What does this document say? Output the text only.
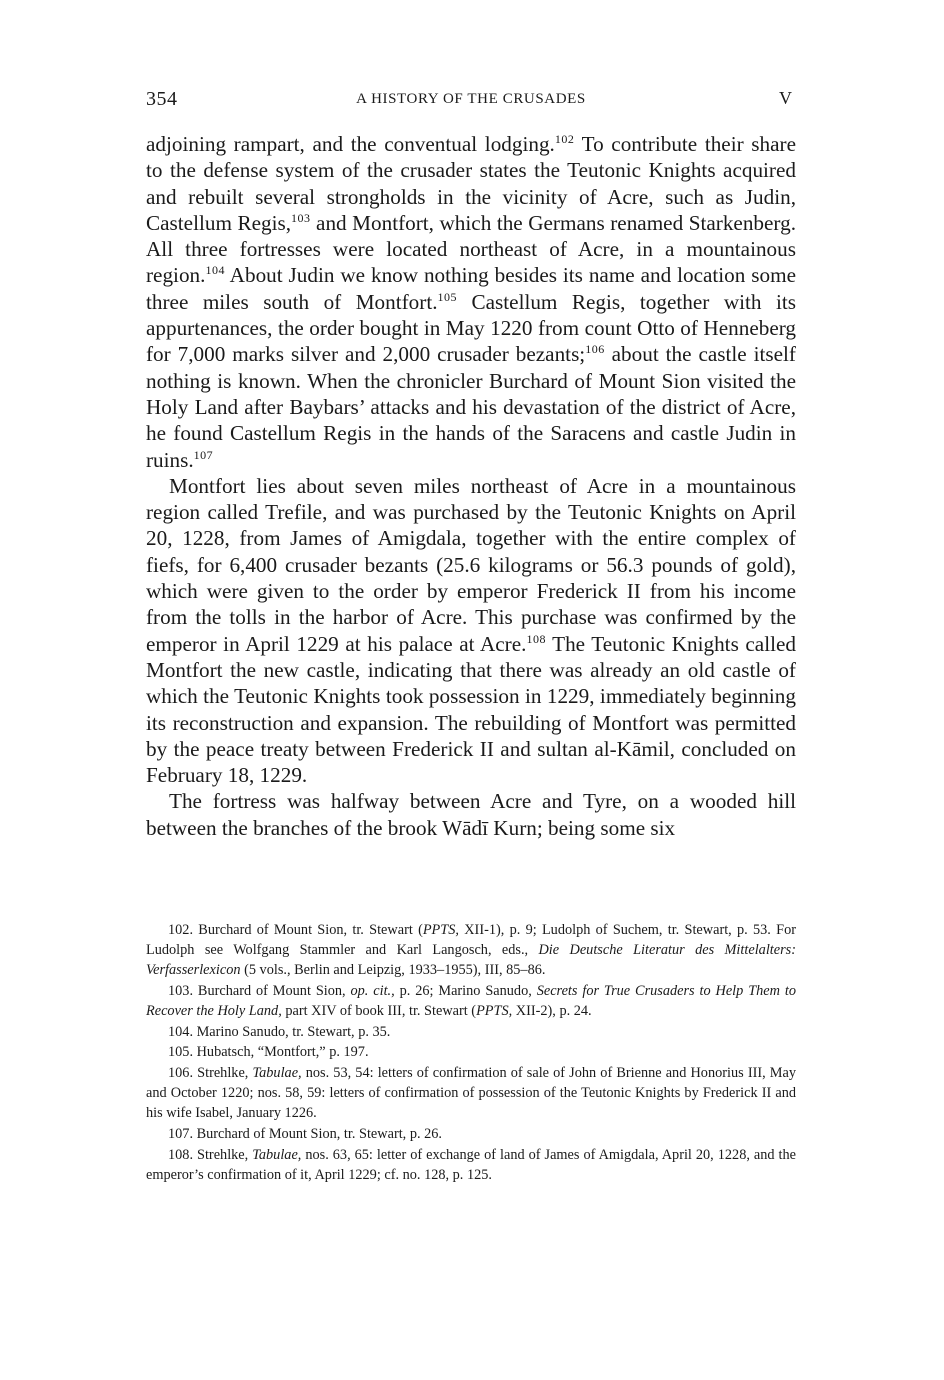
354	A HISTORY OF THE CRUSADES	V

adjoining rampart, and the conventual lodging.$^{102}$ To contribute their share to the defense system of the crusader states the Teutonic Knights acquired and rebuilt several strongholds in the vicinity of Acre, such as Judin, Castellum Regis,$^{103}$ and Montfort, which the Germans renamed Starkenberg. All three fortresses were located northeast of Acre, in a mountainous region.$^{104}$ About Judin we know nothing besides its name and location some three miles south of Montfort.$^{105}$ Castellum Regis, together with its appurtenances, the order bought in May 1220 from count Otto of Henneberg for 7,000 marks silver and 2,000 crusader bezants;$^{106}$ about the castle itself nothing is known. When the chronicler Burchard of Mount Sion visited the Holy Land after Baybars’ attacks and his devastation of the district of Acre, he found Castellum Regis in the hands of the Saracens and castle Judin in ruins.$^{107}$

Montfort lies about seven miles northeast of Acre in a mountainous region called Trefile, and was purchased by the Teutonic Knights on April 20, 1228, from James of Amigdala, together with the entire complex of fiefs, for 6,400 crusader bezants (25.6 kilograms or 56.3 pounds of gold), which were given to the order by emperor Frederick II from his income from the tolls in the harbor of Acre. This purchase was confirmed by the emperor in April 1229 at his palace at Acre.$^{108}$ The Teutonic Knights called Montfort the new castle, indicating that there was already an old castle of which the Teutonic Knights took possession in 1229, immediately beginning its reconstruction and expansion. The rebuilding of Montfort was permitted by the peace treaty between Frederick II and sultan al-Kāmil, concluded on February 18, 1229.

The fortress was halfway between Acre and Tyre, on a wooded hill between the branches of the brook Wādī Kurn; being some six

102. Burchard of Mount Sion, tr. Stewart (PPTS, XII-1), p. 9; Ludolph of Suchem, tr. Stewart, p. 53. For Ludolph see Wolfgang Stammler and Karl Langosch, eds., Die Deutsche Literatur des Mittelalters: Verfasserlexicon (5 vols., Berlin and Leipzig, 1933–1955), III, 85–86.

103. Burchard of Mount Sion, op. cit., p. 26; Marino Sanudo, Secrets for True Crusaders to Help Them to Recover the Holy Land, part XIV of book III, tr. Stewart (PPTS, XII-2), p. 24.

104. Marino Sanudo, tr. Stewart, p. 35.

105. Hubatsch, “Montfort,” p. 197.

106. Strehlke, Tabulae, nos. 53, 54: letters of confirmation of sale of John of Brienne and Honorius III, May and October 1220; nos. 58, 59: letters of confirmation of possession of the Teutonic Knights by Frederick II and his wife Isabel, January 1226.

107. Burchard of Mount Sion, tr. Stewart, p. 26.

108. Strehlke, Tabulae, nos. 63, 65: letter of exchange of land of James of Amigdala, April 20, 1228, and the emperor’s confirmation of it, April 1229; cf. no. 128, p. 125.
